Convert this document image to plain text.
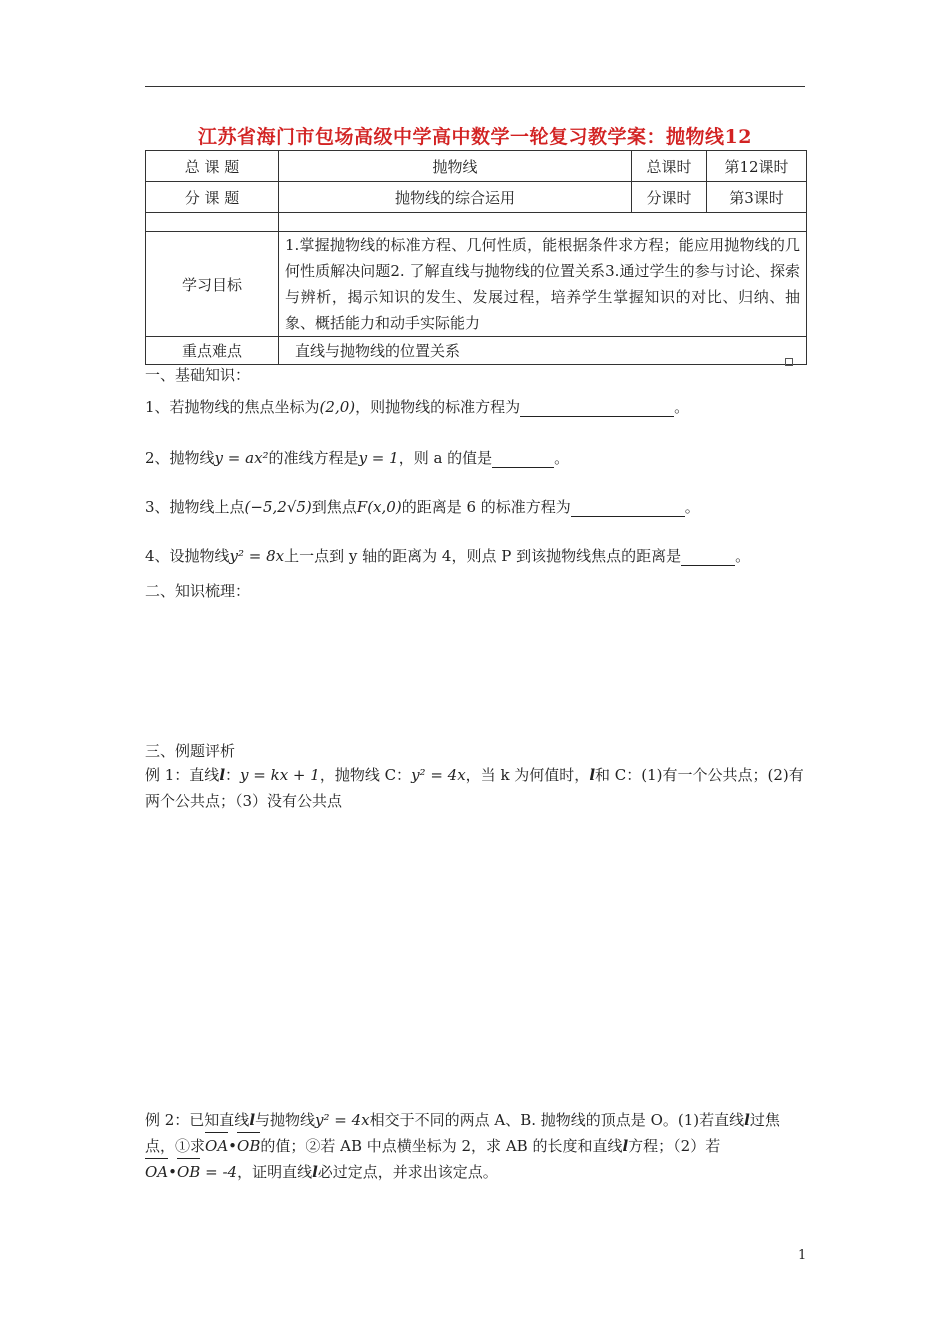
江苏省海门市包场高级中学高中数学一轮复习教学案：抛物线12
总 课 题	抛物线	总课时	第12课时
分 课 题	抛物线的综合运用	分课时	第3课时

学习目标	1.掌握抛物线的标准方程、几何性质，能根据条件求方程；能应用抛物线的几何性质解决问题2. 了解直线与抛物线的位置关系3.通过学生的参与讨论、探索与辨析，揭示知识的发生、发展过程，培养学生掌握知识的对比、归纳、抽象、概括能力和动手实际能力		
重点难点	直线与抛物线的位置关系		
一、基础知识：
1、若抛物线的焦点坐标为(2,0)，则抛物线的标准方程为	。
2、抛物线y = ax²的准线方程是y = 1，则 a 的值是	。
3、抛物线上点(−5,2√5)到焦点F(x,0)的距离是 6 的标准方程为	。
4、设抛物线y² = 8x上一点到 y 轴的距离为 4，则点 P 到该抛物线焦点的距离是	。
二、知识梳理：
三、例题评析
例 1：直线l：y = kx + 1，抛物线 C：y² = 4x，当 k 为何值时，l和 C：(1)有一个公共点；(2)有两个公共点；（3）没有公共点
例 2：已知直线l与抛物线y² = 4x相交于不同的两点 A、B. 抛物线的顶点是 O。(1)若直线l过焦点，①求OA•OB的值；②若 AB 中点横坐标为 2，求 AB 的长度和直线l方程；（2）若
OA•OB = -4，证明直线l必过定点，并求出该定点。
1
